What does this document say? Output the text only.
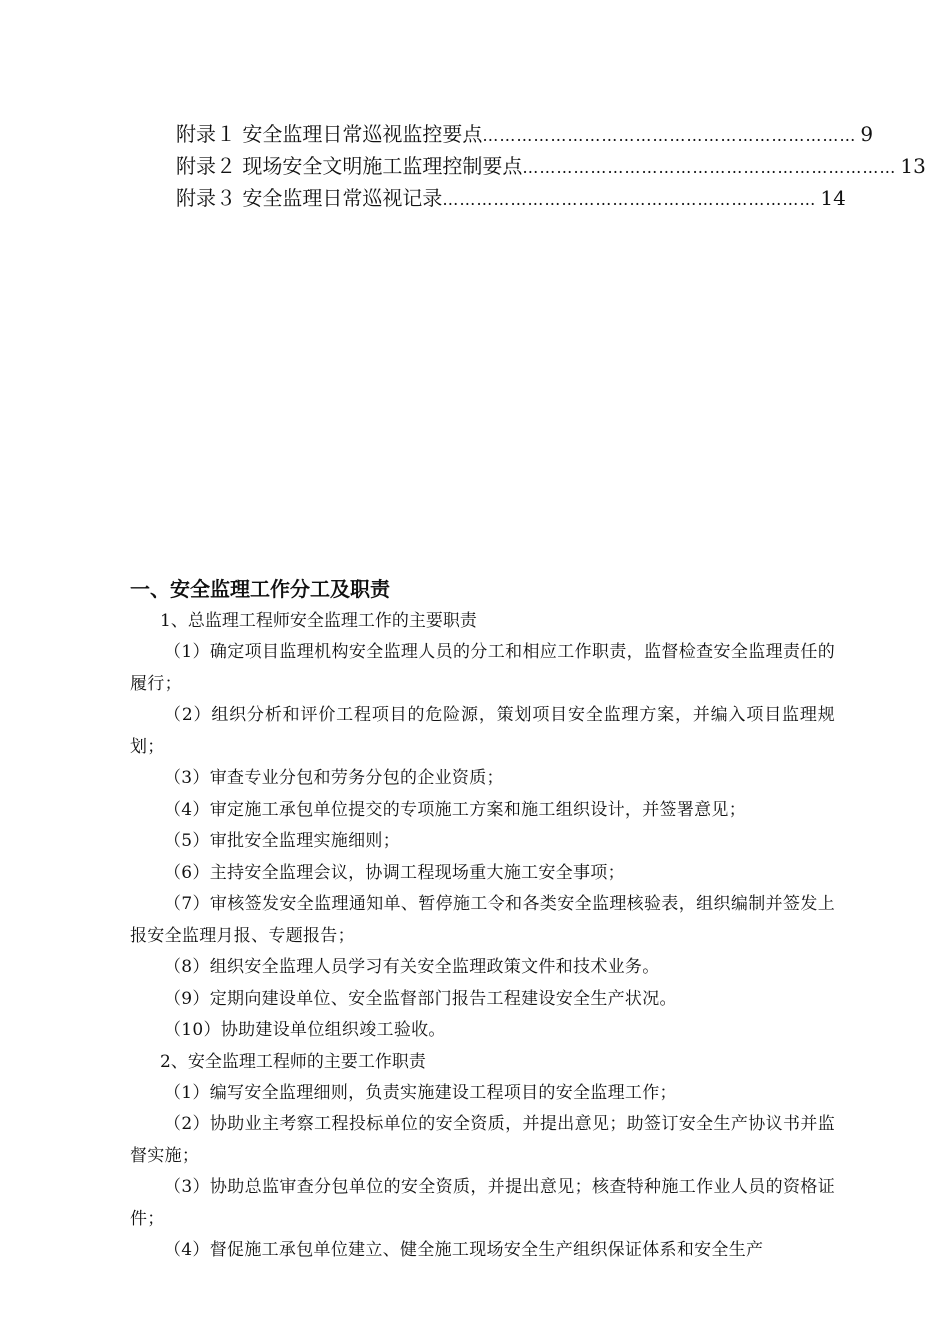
附录１ 安全监理日常巡视监控要点 ………………………………………………………… 9
附录２ 现场安全文明施工监理控制要点 ………………………………………………………… 13
附录３ 安全监理日常巡视记录 ………………………………………………………… 14
一、安全监理工作分工及职责
1、总监理工程师安全监理工作的主要职责
（1）确定项目监理机构安全监理人员的分工和相应工作职责，监督检查安全监理责任的履行；
（2）组织分析和评价工程项目的危险源，策划项目安全监理方案，并编入项目监理规划；
（3）审查专业分包和劳务分包的企业资质；
（4）审定施工承包单位提交的专项施工方案和施工组织设计，并签署意见；
（5）审批安全监理实施细则；
（6）主持安全监理会议，协调工程现场重大施工安全事项；
（7）审核签发安全监理通知单、暂停施工令和各类安全监理核验表，组织编制并签发上报安全监理月报、专题报告；
（8）组织安全监理人员学习有关安全监理政策文件和技术业务。
（9）定期向建设单位、安全监督部门报告工程建设安全生产状况。
（10）协助建设单位组织竣工验收。
2、安全监理工程师的主要工作职责
（1）编写安全监理细则，负责实施建设工程项目的安全监理工作；
（2）协助业主考察工程投标单位的安全资质，并提出意见；助签订安全生产协议书并监督实施；
（3）协助总监审查分包单位的安全资质，并提出意见；核查特种施工作业人员的资格证件；
（4）督促施工承包单位建立、健全施工现场安全生产组织保证体系和安全生产
